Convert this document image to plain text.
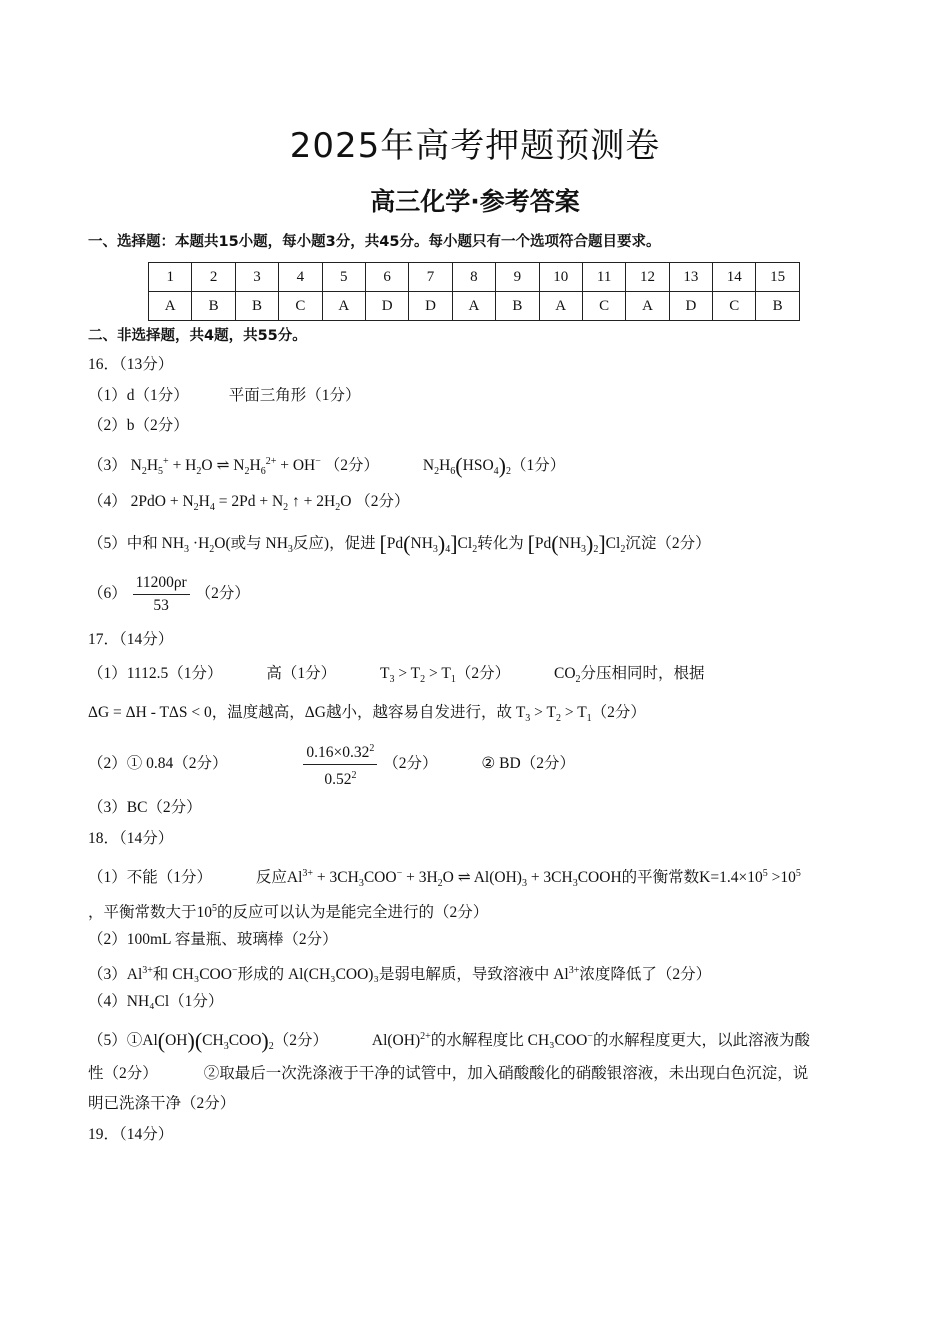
2025年高考押题预测卷
高三化学·参考答案
一、选择题：本题共15小题，每小题3分，共45分。每小题只有一个选项符合题目要求。
1	2	3	4	5	6	7	8	9	10	11	12	13	14	15
A	B	B	C	A	D	D	A	B	A	C	A	D	C	B
二、非选择题，共4题，共55分。
16．（13分）
（1）d（1分）	平面三角形（1分）
（2）b（2分）
（3） $N_2H_5^+ + H_2O$ ⇌ $N_2H_6^{2+} + OH^-$ （2分）	$N_2H_6(HSO_4)_2(1$分）
（4） $2PdO + N_2H_4 = 2Pd + N_2$ ↑ + $2H_2O$ （2分）
（5）中和 $NH_3 \cdot H_2O$(或与 $NH_3$反应)，促进 $[Pd(NH_3)_4]Cl_2$转化为 $[Pd(NH_3)_2]Cl_2$沉淀（2分）
$(6) \frac{11200\rho r}{53} (2$分）
17．（14分）
（1）1112.5（1分）	高（1分）	$T_3 > T_2 > T_1(2$分）	$CO_2$分压相同时，根据
ΔG = ΔH - TΔS < 0，温度越高，ΔG越小，越容易自发进行，故 $T_3 > T_2 > T_1(2$分）
（2）① 0.84（2分）	$\frac{0.16\times 0.32^2}{0.52^2} (2$分）	② BD（2分）
（3）BC（2分）
18．（14分）
（1）不能（1分）	反应$Al^{3+} + 3CH_3COO^- + 3H_2O$ ⇌ $Al(OH)_3$ + $3CH_3COOH$的平衡常数$K=1.4\times 10^5 >10^5$
，平衡常数大于$10^5$的反应可以认为是能完全进行的（2分）
（2）100mL 容量瓶、玻璃棒（2分）
$(3)Al^{3+}$和 CH₃COO−形成的 Al(CH₃COO)₃是弱电解质，导致溶液中 $Al^{3+}$浓度降低了（2分）
（4）NH₄Cl（1分）
$(5)①Al(OH)(CH_3COO)_2(2$分）	Al(OH)$^{2+}$的水解程度比 CH₃COO−的水解程度更大，以此溶液为酸
性（2分）	②取最后一次洗涤液于干净的试管中，加入硝酸酸化的硝酸银溶液，未出现白色沉淀，说
明已洗涤干净（2分）
19．（14分）
